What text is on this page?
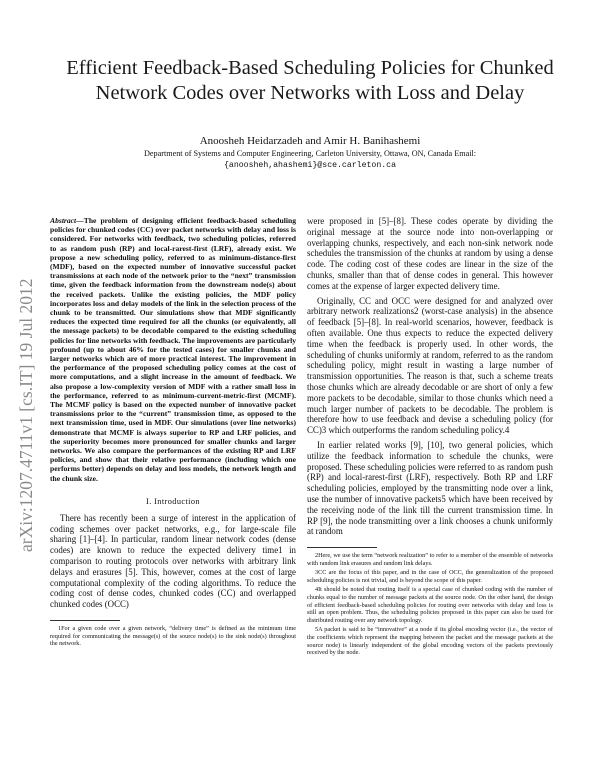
arXiv:1207.4711v1 [cs.IT] 19 Jul 2012
Efficient Feedback-Based Scheduling Policies for Chunked Network Codes over Networks with Loss and Delay
Anoosheh Heidarzadeh and Amir H. Banihashemi
Department of Systems and Computer Engineering, Carleton University, Ottawa, ON, Canada Email:
{anoosheh,ahashemi}@sce.carleton.ca

Abstract—The problem of designing efficient feedback-based scheduling policies for chunked codes (CC) over packet networks with delay and loss is considered. For networks with feedback, two scheduling policies, referred to as random push (RP) and local-rarest-first (LRF), already exist. We propose a new scheduling policy, referred to as minimum-distance-first (MDF), based on the expected number of innovative successful packet transmissions at each node of the network prior to the “next” transmission time, given the feedback information from the downstream node(s) about the received packets. Unlike the existing policies, the MDF policy incorporates loss and delay models of the link in the selection process of the chunk to be transmitted. Our simulations show that MDF significantly reduces the expected time required for all the chunks (or equivalently, all the message packets) to be decodable compared to the existing scheduling policies for line networks with feedback. The improvements are particularly profound (up to about 46% for the tested cases) for smaller chunks and larger networks which are of more practical interest. The improvement in the performance of the proposed scheduling policy comes at the cost of more computations, and a slight increase in the amount of feedback. We also propose a low-complexity version of MDF with a rather small loss in the performance, referred to as minimum-current-metric-first (MCMF). The MCMF policy is based on the expected number of innovative packet transmissions prior to the “current” transmission time, as opposed to the next transmission time, used in MDF. Our simulations (over line networks) demonstrate that MCMF is always superior to RP and LRF policies, and the superiority becomes more pronounced for smaller chunks and larger networks. We also compare the performances of the existing RP and LRF policies, and show that their relative performance (including which one performs better) depends on delay and loss models, the network length and the chunk size.

I. Introduction

There has recently been a surge of interest in the application of coding schemes over packet networks, e.g., for large-scale file sharing [1]–[4]. In particular, random linear network codes (dense codes) are known to reduce the expected delivery time1 in comparison to routing protocols over networks with arbitrary link delays and erasures [5]. This, however, comes at the cost of large computational complexity of the coding algorithms. To reduce the coding cost of dense codes, chunked codes (CC) and overlapped chunked codes (OCC)

1For a given code over a given network, “delivery time” is defined as the minimum time required for communicating the message(s) of the source node(s) to the sink node(s) throughout the network.

were proposed in [5]–[8]. These codes operate by dividing the original message at the source node into non-overlapping or overlapping chunks, respectively, and each non-sink network node schedules the transmission of the chunks at random by using a dense code. The coding cost of these codes are linear in the size of the chunks, smaller than that of dense codes in general. This however comes at the expense of larger expected delivery time.

Originally, CC and OCC were designed for and analyzed over arbitrary network realizations2 (worst-case analysis) in the absence of feedback [5]–[8]. In real-world scenarios, however, feedback is often available. One thus expects to reduce the expected delivery time when the feedback is properly used. In other words, the scheduling of chunks uniformly at random, referred to as the random scheduling policy, might result in wasting a large number of transmission opportunities. The reason is that, such a scheme treats those chunks which are already decodable or are short of only a few more packets to be decodable, similar to those chunks which need a much larger number of packets to be decodable. The problem is therefore how to use feedback and devise a scheduling policy (for CC)3 which outperforms the random scheduling policy.4

In earlier related works [9], [10], two general policies, which utilize the feedback information to schedule the chunks, were proposed. These scheduling policies were referred to as random push (RP) and local-rarest-first (LRF), respectively. Both RP and LRF scheduling policies, employed by the transmitting node over a link, use the number of innovative packets5 which have been received by the receiving node of the link till the current transmission time. In RP [9], the node transmitting over a link chooses a chunk uniformly at random

2Here, we use the term “network realization” to refer to a member of the ensemble of networks with random link erasures and random link delays.

3CC are the focus of this paper, and in the case of OCC, the generalization of the proposed scheduling policies is not trivial, and is beyond the scope of this paper.

4It should be noted that routing itself is a special case of chunked coding with the number of chunks equal to the number of message packets at the source node. On the other hand, the design of efficient feedback-based scheduling policies for routing over networks with delay and loss is still an open problem. Thus, the scheduling policies proposed in this paper can also be used for distributed routing over any network topology.

5A packet is said to be “innovative” at a node if its global encoding vector (i.e., the vector of the coefficients which represent the mapping between the packet and the message packets at the source node) is linearly independent of the global encoding vectors of the packets previously received by the node.
